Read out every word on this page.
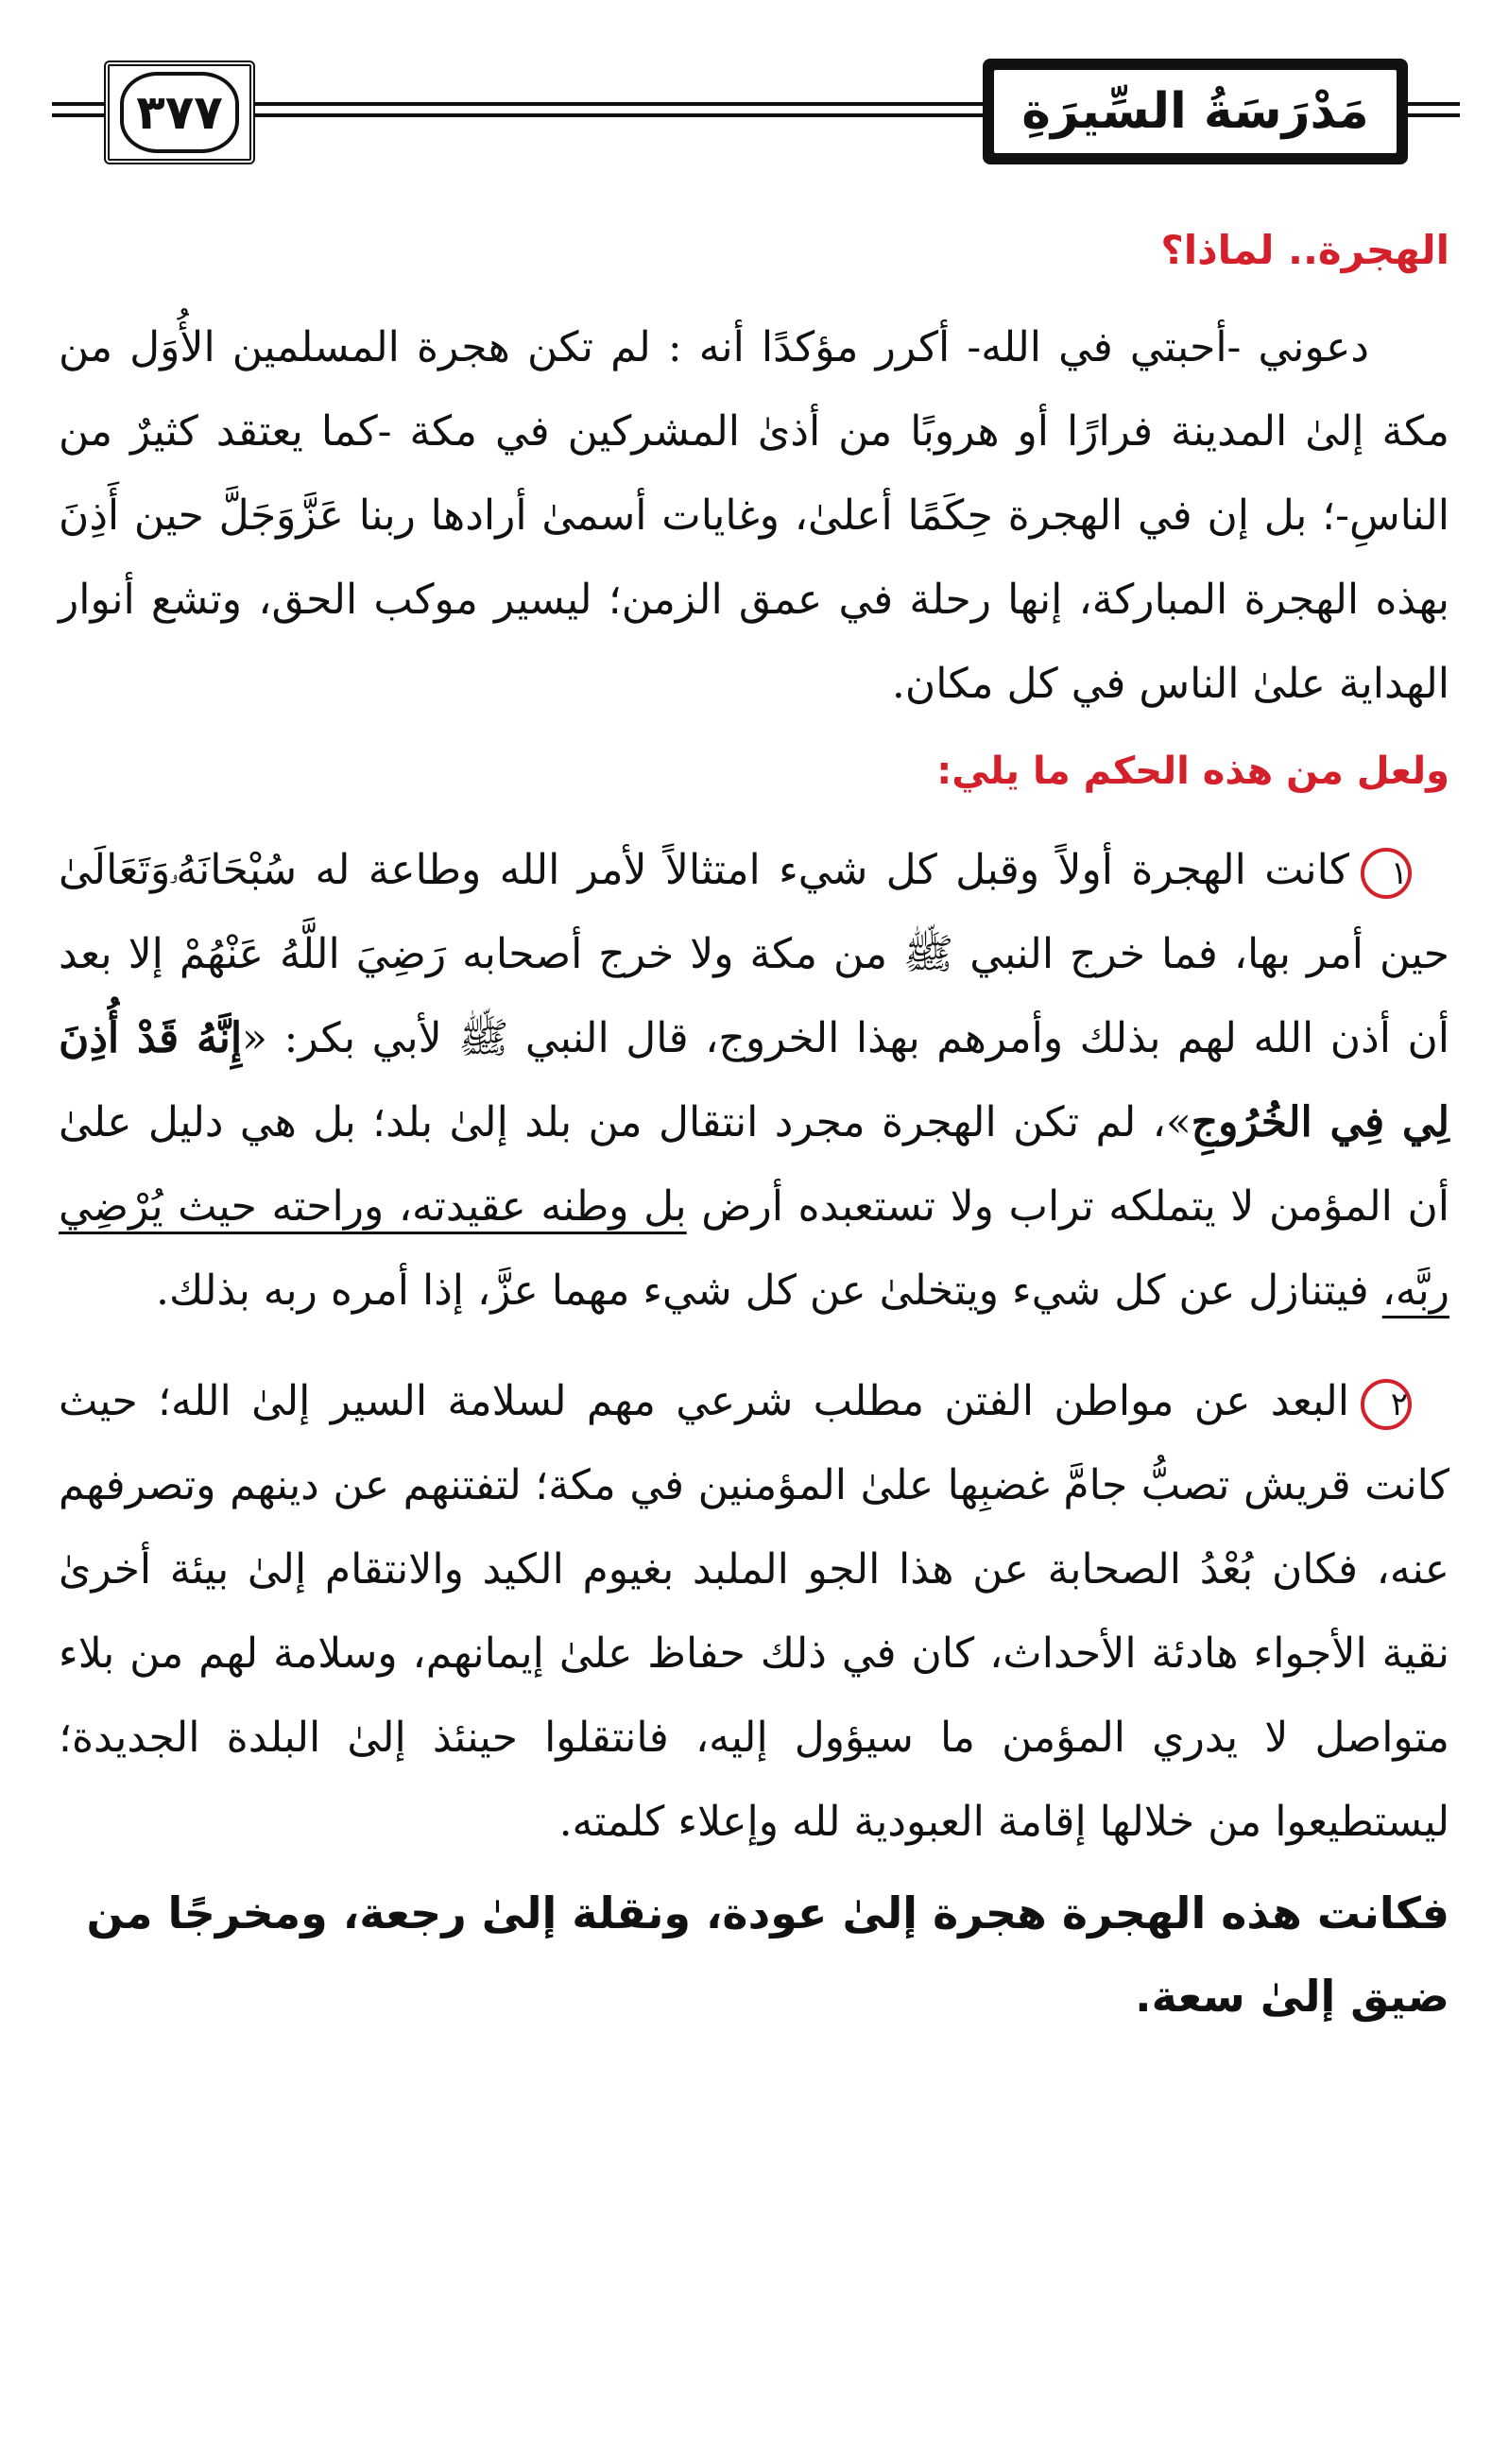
٣٧٧	مَدْرَسَةُ السِّيرَةِ
الهجرة.. لماذا؟

دعوني -أحبتي في الله- أكرر مؤكدًا أنه : لم تكن هجرة المسلمين الأُوَل من مكة إلىٰ المدينة فرارًا أو هروبًا من أذىٰ المشركين في مكة -كما يعتقد كثيرٌ من الناسِ-؛ بل إن في الهجرة حِكَمًا أعلىٰ، وغايات أسمىٰ أرادها ربنا عَزَّوَجَلَّ حين أَذِنَ بهذه الهجرة المباركة، إنها رحلة في عمق الزمن؛ ليسير موكب الحق، وتشع أنوار الهداية علىٰ الناس في كل مكان.

ولعل من هذه الحكم ما يلي:

١كانت الهجرة أولاً وقبل كل شيء امتثالاً لأمر الله وطاعة له سُبْحَانَهُۥوَتَعَالَىٰ حين أمر بها، فما خرج النبي ﷺ من مكة ولا خرج أصحابه رَضِيَ اللَّهُ عَنْهُمْ إلا بعد أن أذن الله لهم بذلك وأمرهم بهذا الخروج، قال النبي ﷺ لأبي بكر: «إِنَّهُ قَدْ أُذِنَ لِي فِي الخُرُوجِ»، لم تكن الهجرة مجرد انتقال من بلد إلىٰ بلد؛ بل هي دليل علىٰ أن المؤمن لا يتملكه تراب ولا تستعبده أرض بل وطنه عقيدته، وراحته حيث يُرْضِي ربَّه، فيتنازل عن كل شيء ويتخلىٰ عن كل شيء مهما عزَّ، إذا أمره ربه بذلك.

٢البعد عن مواطن الفتن مطلب شرعي مهم لسلامة السير إلىٰ الله؛ حيث كانت قريش تصبُّ جامَّ غضبِها علىٰ المؤمنين في مكة؛ لتفتنهم عن دينهم وتصرفهم عنه، فكان بُعْدُ الصحابة عن هذا الجو الملبد بغيوم الكيد والانتقام إلىٰ بيئة أخرىٰ نقية الأجواء هادئة الأحداث، كان في ذلك حفاظ علىٰ إيمانهم، وسلامة لهم من بلاء متواصل لا يدري المؤمن ما سيؤول إليه، فانتقلوا حينئذ إلىٰ البلدة الجديدة؛ ليستطيعوا من خلالها إقامة العبودية لله وإعلاء كلمته.

فكانت هذه الهجرة هجرة إلىٰ عودة، ونقلة إلىٰ رجعة، ومخرجًا من ضيق إلىٰ سعة.
